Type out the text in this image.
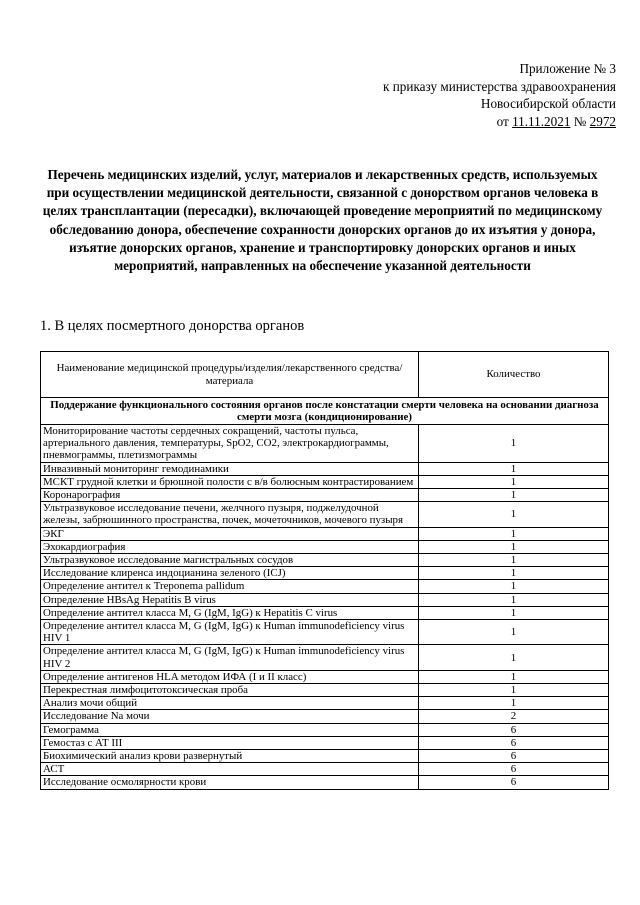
Приложение № 3
к приказу министерства здравоохранения
Новосибирской области
от 11.11.2021 № 2972
Перечень медицинских изделий, услуг, материалов и лекарственных средств, используемых при осуществлении медицинской деятельности, связанной с донорством органов человека в целях трансплантации (пересадки), включающей проведение мероприятий по медицинскому обследованию донора, обеспечение сохранности донорских органов до их изъятия у донора, изъятие донорских органов, хранение и транспортировку донорских органов и иных мероприятий, направленных на обеспечение указанной деятельности
1. В целях посмертного донорства органов
Наименование медицинской процедуры/изделия/лекарственного средства/материала	Количество
Поддержание функционального состояния органов после констатации смерти человека на основании диагноза смерти мозга (кондиционирование)	
Мониторирование частоты сердечных сокращений, частоты пульса, артериального давления, температуры, SpO2, CO2, электрокардиограммы, пневмограммы, плетизмограммы	1
Инвазивный мониторинг гемодинамики	1
МСКТ грудной клетки и брюшной полости с в/в болюсным контрастированием	1
Коронарография	1
Ультразвуковое исследование печени, желчного пузыря, поджелудочной железы, забрюшинного пространства, почек, мочеточников, мочевого пузыря	1
ЭКГ	1
Эхокардиография	1
Ультразвуковое исследование магистральных сосудов	1
Исследование клиренса индоцианина зеленого (ICJ)	1
Определение антител к Treponema pallidum	1
Определение HBsAg Hepatitis B virus	1
Определение антител класса M, G (IgM, IgG) к Hepatitis C virus	1
Определение антител класса M, G (IgM, IgG) к Human immunodeficiency virus HIV 1	1
Определение антител класса M, G (IgM, IgG) к Human immunodeficiency virus HIV 2	1
Определение антигенов HLA методом ИФА (I и II класс)	1
Перекрестная лимфоцитотоксическая проба	1
Анализ мочи общий	1
Исследование Na мочи	2
Гемограмма	6
Гемостаз с АТ III	6
Биохимический анализ крови развернутый	6
АСТ	6
Исследование осмолярности крови	6
